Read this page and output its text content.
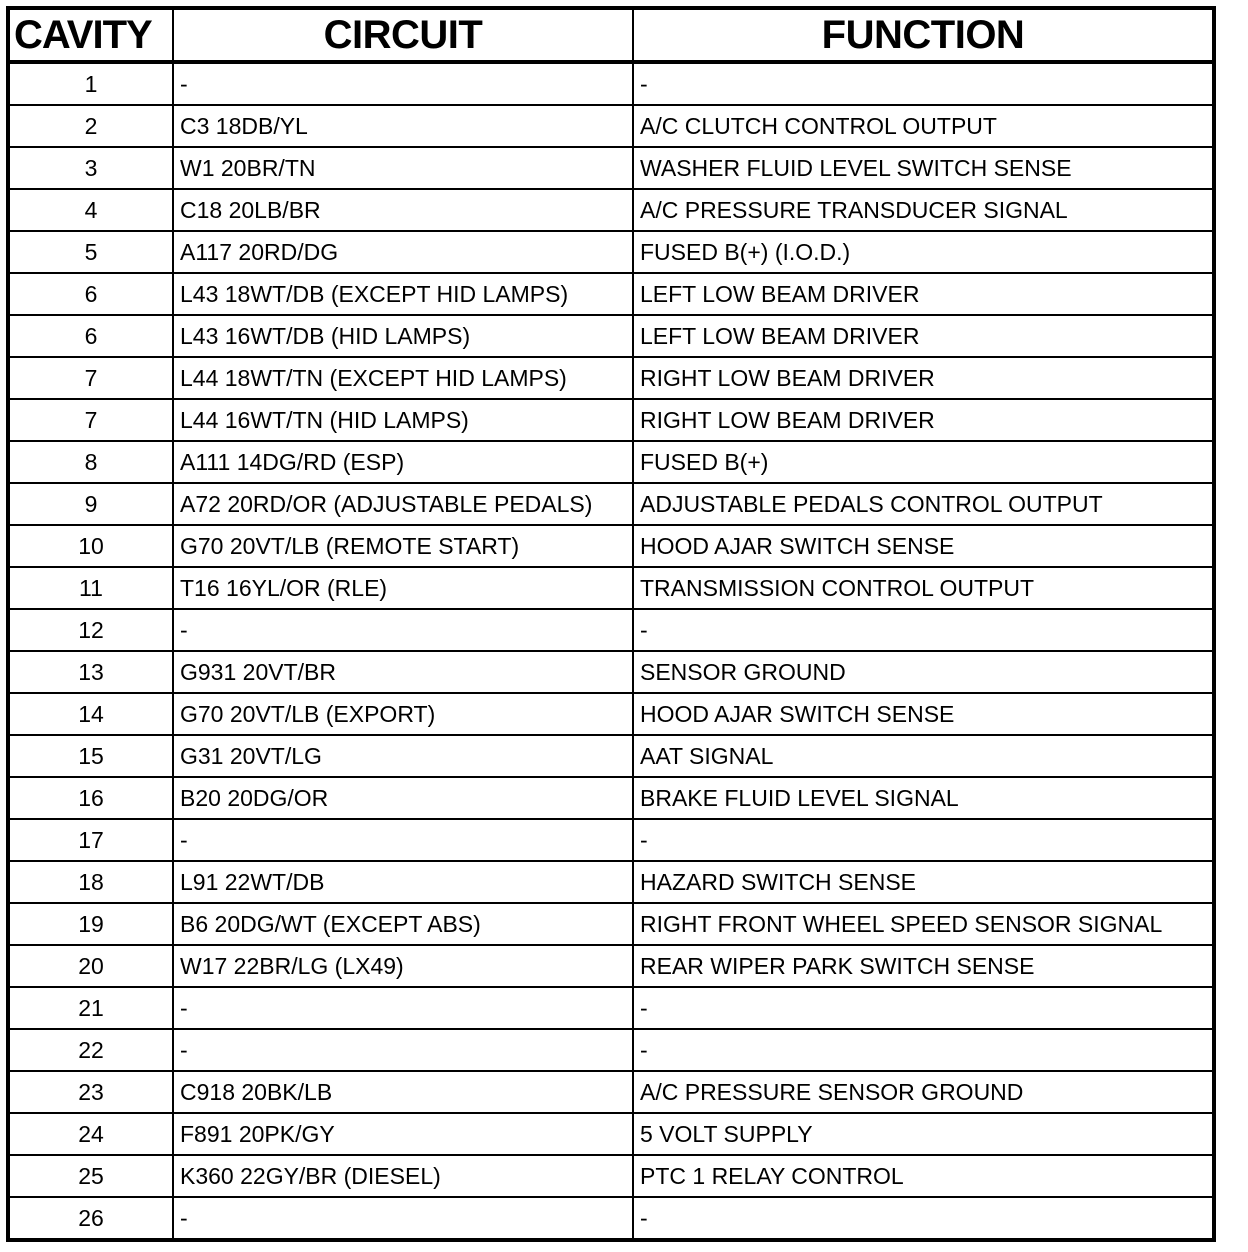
CAVITY	CIRCUIT	FUNCTION
1	-	-
2	C3 18DB/YL	A/C CLUTCH CONTROL OUTPUT
3	W1 20BR/TN	WASHER FLUID LEVEL SWITCH SENSE
4	C18 20LB/BR	A/C PRESSURE TRANSDUCER SIGNAL
5	A117 20RD/DG	FUSED B(+) (I.O.D.)
6	L43 18WT/DB (EXCEPT HID LAMPS)	LEFT LOW BEAM DRIVER
6	L43 16WT/DB (HID LAMPS)	LEFT LOW BEAM DRIVER
7	L44 18WT/TN (EXCEPT HID LAMPS)	RIGHT LOW BEAM DRIVER
7	L44 16WT/TN (HID LAMPS)	RIGHT LOW BEAM DRIVER
8	A111 14DG/RD (ESP)	FUSED B(+)
9	A72 20RD/OR (ADJUSTABLE PEDALS)	ADJUSTABLE PEDALS CONTROL OUTPUT
10	G70 20VT/LB (REMOTE START)	HOOD AJAR SWITCH SENSE
11	T16 16YL/OR (RLE)	TRANSMISSION CONTROL OUTPUT
12	-	-
13	G931 20VT/BR	SENSOR GROUND
14	G70 20VT/LB (EXPORT)	HOOD AJAR SWITCH SENSE
15	G31 20VT/LG	AAT SIGNAL
16	B20 20DG/OR	BRAKE FLUID LEVEL SIGNAL
17	-	-
18	L91 22WT/DB	HAZARD SWITCH SENSE
19	B6 20DG/WT (EXCEPT ABS)	RIGHT FRONT WHEEL SPEED SENSOR SIGNAL
20	W17 22BR/LG (LX49)	REAR WIPER PARK SWITCH SENSE
21	-	-
22	-	-
23	C918 20BK/LB	A/C PRESSURE SENSOR GROUND
24	F891 20PK/GY	5 VOLT SUPPLY
25	K360 22GY/BR (DIESEL)	PTC 1 RELAY CONTROL
26	-	-
